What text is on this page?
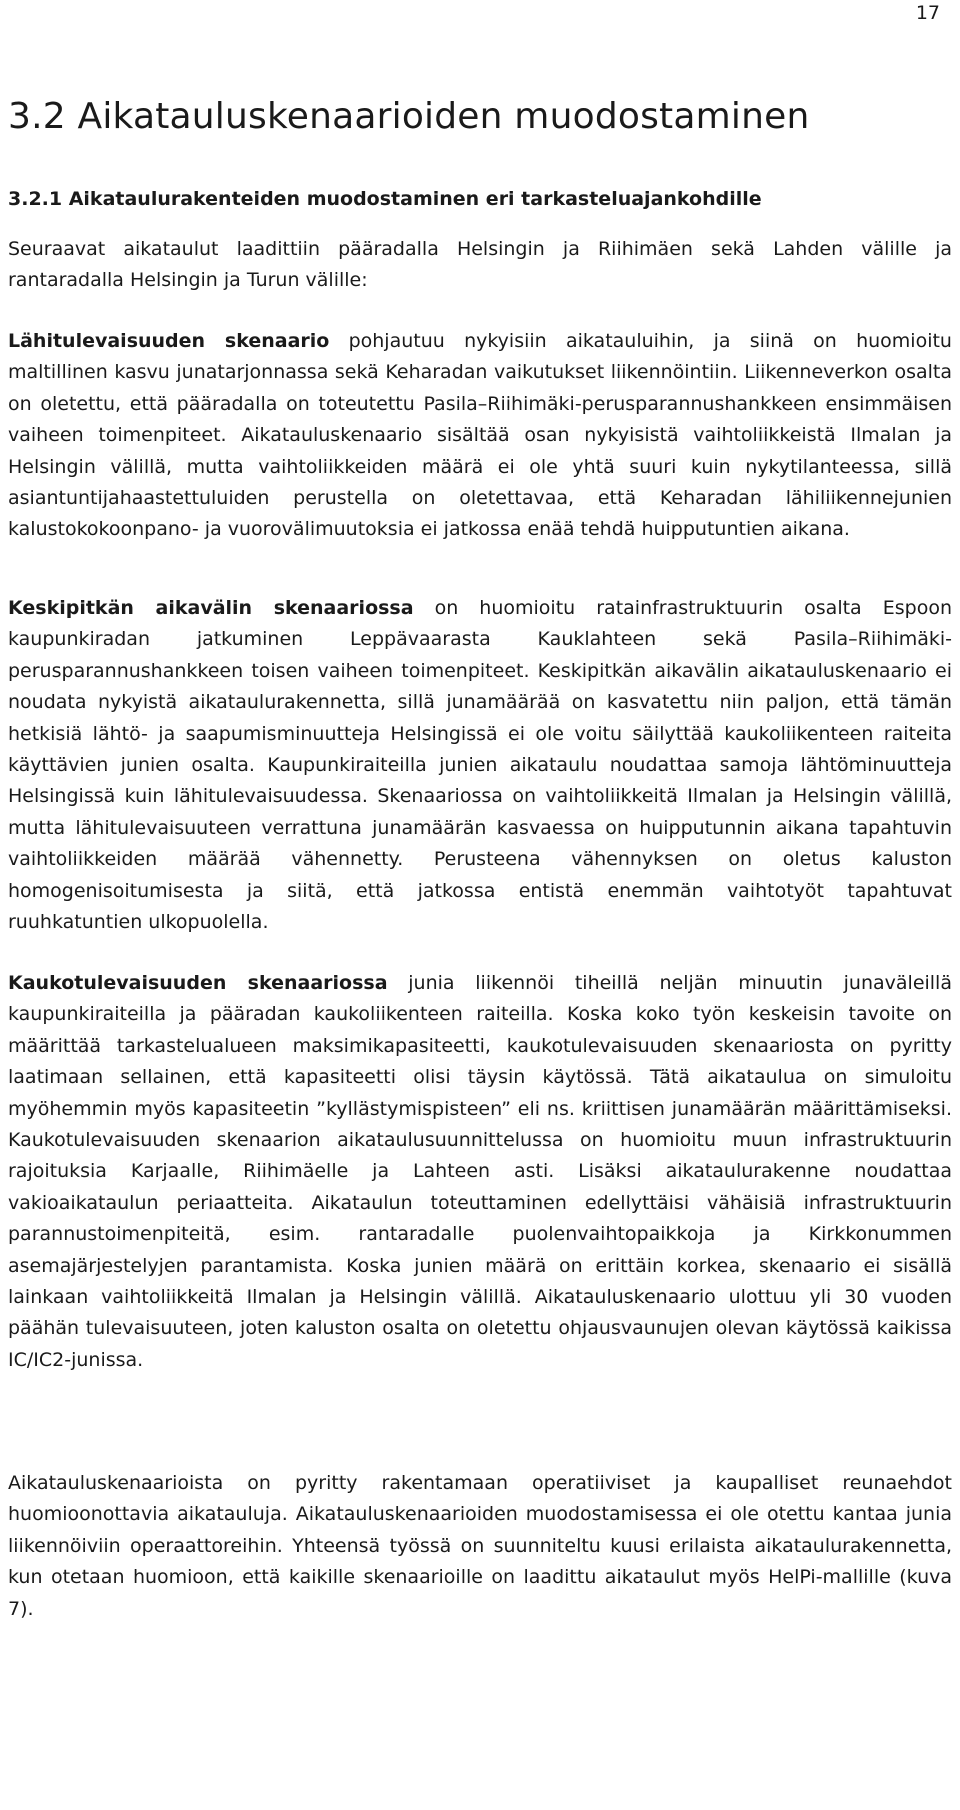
17
3.2 Aikatauluskenaarioiden muodostaminen
3.2.1 Aikataulurakenteiden muodostaminen eri tarkasteluajankohdille

Seuraavat aikataulut laadittiin pääradalla Helsingin ja Riihimäen sekä Lahden välille ja rantaradalla Helsingin ja Turun välille:

Lähitulevaisuuden skenaario pohjautuu nykyisiin aikatauluihin, ja siinä on huomioitu maltillinen kasvu junatarjonnassa sekä Keharadan vaikutukset liikennöintiin. Liikenneverkon osalta on oletettu, että pääradalla on toteutettu Pasila–Riihimäki-perusparannushankkeen ensimmäisen vaiheen toimenpiteet. Aikatauluskenaario sisältää osan nykyisistä vaihtoliikkeistä Ilmalan ja Helsingin välillä, mutta vaihtoliikkeiden määrä ei ole yhtä suuri kuin nykytilanteessa, sillä asiantuntijahaastettuluiden perustella on oletettavaa, että Keharadan lähiliikennejunien kalustokokoonpano- ja vuorovälimuutoksia ei jatkossa enää tehdä huipputuntien aikana.

Keskipitkän aikavälin skenaariossa on huomioitu ratainfrastruktuurin osalta Espoon kaupunkiradan jatkuminen Leppävaarasta Kauklahteen sekä Pasila–Riihimäki-perusparannushankkeen toisen vaiheen toimenpiteet. Keskipitkän aikavälin aikatauluskenaario ei noudata nykyistä aikataulurakennetta, sillä junamäärää on kasvatettu niin paljon, että tämän hetkisiä lähtö- ja saapumisminuutteja Helsingissä ei ole voitu säilyttää kaukoliikenteen raiteita käyttävien junien osalta. Kaupunkiraiteilla junien aikataulu noudattaa samoja lähtöminuutteja Helsingissä kuin lähitulevaisuudessa. Skenaariossa on vaihtoliikkeitä Ilmalan ja Helsingin välillä, mutta lähitulevaisuuteen verrattuna junamäärän kasvaessa on huipputunnin aikana tapahtuvin vaihtoliikkeiden määrää vähennetty. Perusteena vähennyksen on oletus kaluston homogenisoitumisesta ja siitä, että jatkossa entistä enemmän vaihtotyöt tapahtuvat ruuhkatuntien ulkopuolella.

Kaukotulevaisuuden skenaariossa junia liikennöi tiheillä neljän minuutin junaväleillä kaupunkiraiteilla ja pääradan kaukoliikenteen raiteilla. Koska koko työn keskeisin tavoite on määrittää tarkastelualueen maksimikapasiteetti, kaukotulevaisuuden skenaariosta on pyritty laatimaan sellainen, että kapasiteetti olisi täysin käytössä. Tätä aikataulua on simuloitu myöhemmin myös kapasiteetin ”kyllästymispisteen” eli ns. kriittisen junamäärän määrittämiseksi. Kaukotulevaisuuden skenaarion aikataulusuunnittelussa on huomioitu muun infrastruktuurin rajoituksia Karjaalle, Riihimäelle ja Lahteen asti. Lisäksi aikataulurakenne noudattaa vakioaikataulun periaatteita. Aikataulun toteuttaminen edellyttäisi vähäisiä infrastruktuurin parannustoimenpiteitä, esim. rantaradalle puolenvaihtopaikkoja ja Kirkkonummen asemajärjestelyjen parantamista. Koska junien määrä on erittäin korkea, skenaario ei sisällä lainkaan vaihtoliikkeitä Ilmalan ja Helsingin välillä. Aikatauluskenaario ulottuu yli 30 vuoden päähän tulevaisuuteen, joten kaluston osalta on oletettu ohjausvaunujen olevan käytössä kaikissa IC/IC2-junissa.

Aikatauluskenaarioista on pyritty rakentamaan operatiiviset ja kaupalliset reunaehdot huomioonottavia aikatauluja. Aikatauluskenaarioiden muodostamisessa ei ole otettu kantaa junia liikennöiviin operaattoreihin. Yhteensä työssä on suunniteltu kuusi erilaista aikataulurakennetta, kun otetaan huomioon, että kaikille skenaarioille on laadittu aikataulut myös HelPi-mallille (kuva 7).
